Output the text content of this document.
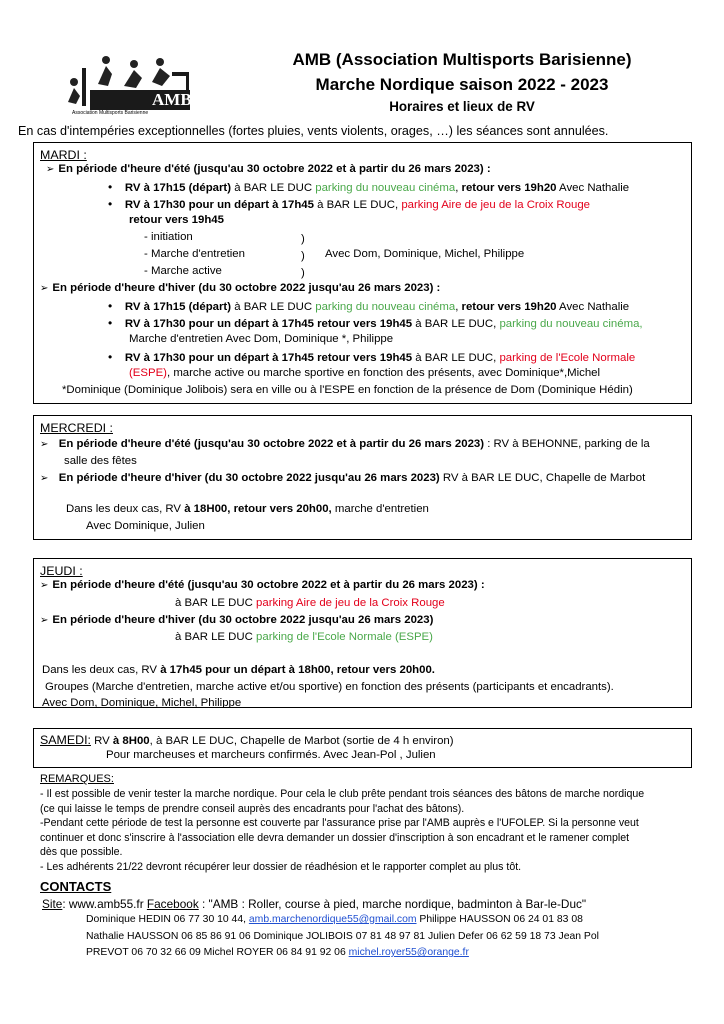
AMB
Association Multisports Barisienne
AMB (Association Multisports Barisienne)
Marche Nordique saison 2022 - 2023
Horaires et lieux de RV
En cas d'intempéries exceptionnelles (fortes pluies, vents violents, orages, …) les séances sont annulées.
MARDI :
➢ En période d'heure d'été (jusqu'au 30 octobre 2022 et à partir du 26 mars 2023) :
• RV à 17h15 (départ) à BAR LE DUC parking du nouveau cinéma, retour vers 19h20 Avec Nathalie
• RV à 17h30 pour un départ à 17h45 à BAR LE DUC, parking Aire de jeu de la Croix Rouge
retour vers 19h45
- initiation
- Marche d'entretien
- Marche active
)
)
)
Avec Dom, Dominique, Michel, Philippe
➢ En période d'heure d'hiver (du 30 octobre 2022 jusqu'au 26 mars 2023) :
• RV à 17h15 (départ) à BAR LE DUC parking du nouveau cinéma, retour vers 19h20 Avec Nathalie
• RV à 17h30 pour un départ à 17h45 retour vers 19h45 à BAR LE DUC, parking du nouveau cinéma,
Marche d'entretien Avec Dom, Dominique *, Philippe
• RV à 17h30 pour un départ à 17h45 retour vers 19h45 à BAR LE DUC, parking de l'Ecole Normale
(ESPE), marche active ou marche sportive en fonction des présents, avec Dominique*,Michel
*Dominique (Dominique Jolibois) sera en ville ou à l'ESPE en fonction de la présence de Dom (Dominique Hédin)
MERCREDI :
➢ En période d'heure d'été (jusqu'au 30 octobre 2022 et à partir du 26 mars 2023) : RV à BEHONNE, parking de la
salle des fêtes
➢ En période d'heure d'hiver (du 30 octobre 2022 jusqu'au 26 mars 2023) RV à BAR LE DUC, Chapelle de Marbot
Dans les deux cas, RV à 18H00, retour vers 20h00, marche d'entretien
Avec Dominique, Julien
JEUDI :
➢ En période d'heure d'été (jusqu'au 30 octobre 2022 et à partir du 26 mars 2023) :
à BAR LE DUC parking Aire de jeu de la Croix Rouge
➢ En période d'heure d'hiver (du 30 octobre 2022 jusqu'au 26 mars 2023)
à BAR LE DUC parking de l'Ecole Normale (ESPE)
Dans les deux cas, RV à 17h45 pour un départ à 18h00, retour vers 20h00.
Groupes (Marche d'entretien, marche active et/ou sportive) en fonction des présents (participants et encadrants).
Avec Dom, Dominique, Michel, Philippe
SAMEDI: RV à 8H00, à BAR LE DUC, Chapelle de Marbot (sortie de 4 h environ)
Pour marcheuses et marcheurs confirmés. Avec Jean-Pol , Julien
REMARQUES:
- Il est possible de venir tester la marche nordique. Pour cela le club prête pendant trois séances des bâtons de marche nordique
(ce qui laisse le temps de prendre conseil auprès des encadrants pour l'achat des bâtons).
-Pendant cette période de test la personne est couverte par l'assurance prise par l'AMB auprès e l'UFOLEP. Si la personne veut
continuer et donc s'inscrire à l'association elle devra demander un dossier d'inscription à son encadrant et le ramener complet
dès que possible.
- Les adhérents 21/22 devront récupérer leur dossier de réadhésion et le rapporter complet au plus tôt.
CONTACTS
Site: www.amb55.fr Facebook : "AMB : Roller, course à pied, marche nordique, badminton à Bar-le-Duc"
Dominique HEDIN 06 77 30 10 44, amb.marchenordique55@gmail.com Philippe HAUSSON 06 24 01 83 08
Nathalie HAUSSON 06 85 86 91 06 Dominique JOLIBOIS 07 81 48 97 81 Julien Defer 06 62 59 18 73 Jean Pol
PREVOT 06 70 32 66 09 Michel ROYER 06 84 91 92 06 michel.royer55@orange.fr
